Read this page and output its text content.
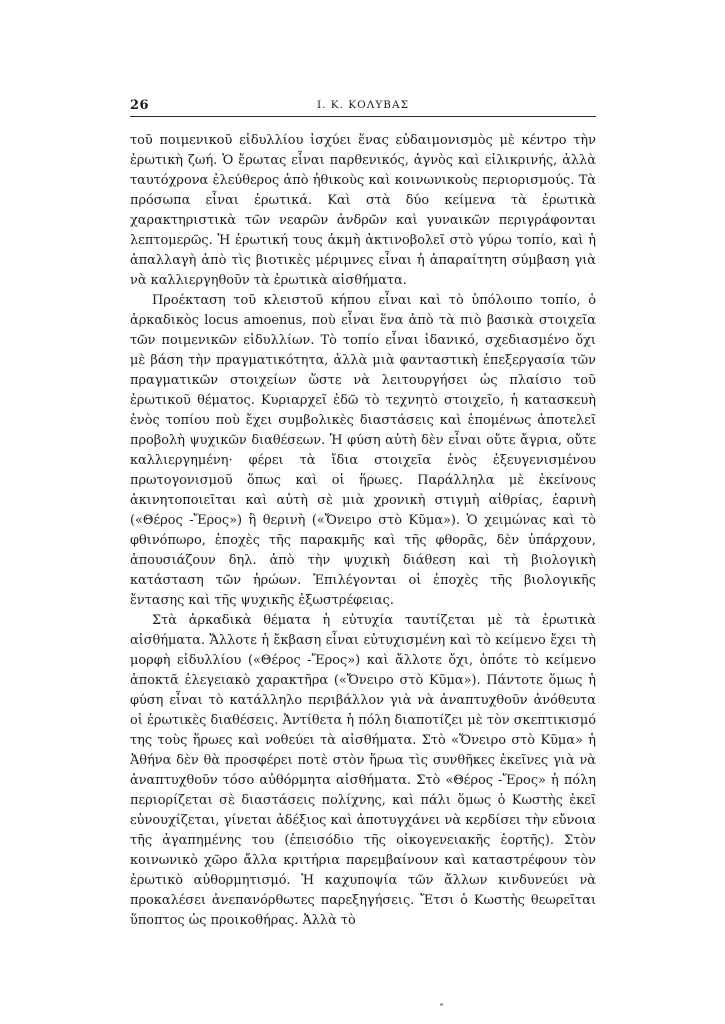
26	Ι. Κ. ΚΟΛΥΒΑΣ

τοῦ ποιμενικοῦ εἰδυλλίου ἰσχύει ἕνας εὐδαιμονισμὸς μὲ κέντρο τὴν ἐρωτικὴ ζωή. Ὁ ἔρωτας εἶναι παρθενικός, ἁγνὸς καὶ εἰλικρινής, ἀλλὰ ταυτόχρονα ἐλεύθερος ἀπὸ ἠθικοὺς καὶ κοινωνικοὺς περιορισμούς. Τὰ πρόσωπα εἶναι ἐρωτικά. Καὶ στὰ δύο κείμενα τὰ ἐρωτικὰ χαρακτηριστικὰ τῶν νεαρῶν ἀνδρῶν καὶ γυναικῶν περιγράφονται λεπτομερῶς. Ἡ ἐρωτική τους ἀκμὴ ἀκτινοβολεῖ στὸ γύρω τοπίο, καὶ ἡ ἀπαλλαγὴ ἀπὸ τὶς βιοτικὲς μέριμνες εἶναι ἡ ἀπαραίτητη σύμβαση γιὰ νὰ καλλιεργηθοῦν τὰ ἐρωτικὰ αἰσθήματα.

Προέκταση τοῦ κλειστοῦ κήπου εἶναι καὶ τὸ ὑπόλοιπο τοπίο, ὁ ἀρκαδικὸς locus amoenus, ποὺ εἶναι ἕνα ἀπὸ τὰ πιὸ βασικὰ στοιχεῖα τῶν ποιμενικῶν εἰδυλλίων. Τὸ τοπίο εἶναι ἰδανικό, σχεδιασμένο ὄχι μὲ βάση τὴν πραγματικότητα, ἀλλὰ μιὰ φανταστικὴ ἐπεξεργασία τῶν πραγματικῶν στοιχείων ὥστε νὰ λειτουργήσει ὡς πλαίσιο τοῦ ἐρωτικοῦ θέματος. Κυριαρχεῖ ἐδῶ τὸ τεχνητὸ στοιχεῖο, ἡ κατασκευὴ ἑνὸς τοπίου ποὺ ἔχει συμβολικὲς διαστάσεις καὶ ἑπομένως ἀποτελεῖ προβολὴ ψυχικῶν διαθέσεων. Ἡ φύση αὐτὴ δὲν εἶναι οὔτε ἄγρια, οὔτε καλλιεργημένη· φέρει τὰ ἴδια στοιχεῖα ἑνὸς ἐξευγενισμένου πρωτογονισμοῦ ὅπως καὶ οἱ ἥρωες. Παράλληλα μὲ ἐκείνους ἀκινητοποιεῖται καὶ αὐτὴ σὲ μιὰ χρονικὴ στιγμὴ αἰθρίας, ἐαρινὴ («Θέρος -Ἔρος») ἢ θερινὴ («Ὄνειρο στὸ Κῦμα»). Ὁ χειμώνας καὶ τὸ φθινόπωρο, ἐποχὲς τῆς παρακμῆς καὶ τῆς φθορᾶς, δὲν ὑπάρχουν, ἀπουσιάζουν δηλ. ἀπὸ τὴν ψυχικὴ διάθεση καὶ τὴ βιολογικὴ κατάσταση τῶν ἡρώων. Ἐπιλέγονται οἱ ἐποχὲς τῆς βιολογικῆς ἔντασης καὶ τῆς ψυχικῆς ἐξωστρέφειας.

Στὰ ἀρκαδικὰ θέματα ἡ εὐτυχία ταυτίζεται μὲ τὰ ἐρωτικὰ αἰσθήματα. Ἄλλοτε ἡ ἔκβαση εἶναι εὐτυχισμένη καὶ τὸ κείμενο ἔχει τὴ μορφὴ εἰδυλλίου («Θέρος -Ἔρος») καὶ ἄλλοτε ὄχι, ὁπότε τὸ κείμενο ἀποκτᾶ ἐλεγειακὸ χαρακτῆρα («Ὄνειρο στὸ Κῦμα»). Πάντοτε ὅμως ἡ φύση εἶναι τὸ κατάλληλο περιβάλλον γιὰ νὰ ἀναπτυχθοῦν ἀνόθευτα οἱ ἐρωτικὲς διαθέσεις. Ἀντίθετα ἡ πόλη διαποτίζει μὲ τὸν σκεπτικισμό της τοὺς ἥρωες καὶ νοθεύει τὰ αἰσθήματα. Στὸ «Ὄνειρο στὸ Κῦμα» ἡ Ἀθήνα δὲν θὰ προσφέρει ποτὲ στὸν ἥρωα τὶς συνθῆκες ἐκεῖνες γιὰ νὰ ἀναπτυχθοῦν τόσο αὐθόρμητα αἰσθήματα. Στὸ «Θέρος -Ἔρος» ἡ πόλη περιορίζεται σὲ διαστάσεις πολίχνης, καὶ πάλι ὅμως ὁ Κωστὴς ἐκεῖ εὐνουχίζεται, γίνεται ἀδέξιος καὶ ἀποτυγχάνει νὰ κερδίσει τὴν εὔνοια τῆς ἀγαπημένης του (ἐπεισόδιο τῆς οἰκογενειακῆς ἑορτῆς). Στὸν κοινωνικὸ χῶρο ἄλλα κριτήρια παρεμβαίνουν καὶ καταστρέφουν τὸν ἐρωτικὸ αὐθορμητισμό. Ἡ καχυποψία τῶν ἄλλων κινδυνεύει νὰ προκαλέσει ἀνεπανόρθωτες παρεξηγήσεις. Ἔτσι ὁ Κωστὴς θεωρεῖται ὕποπτος ὡς προικοθήρας. Ἀλλὰ τὸ
